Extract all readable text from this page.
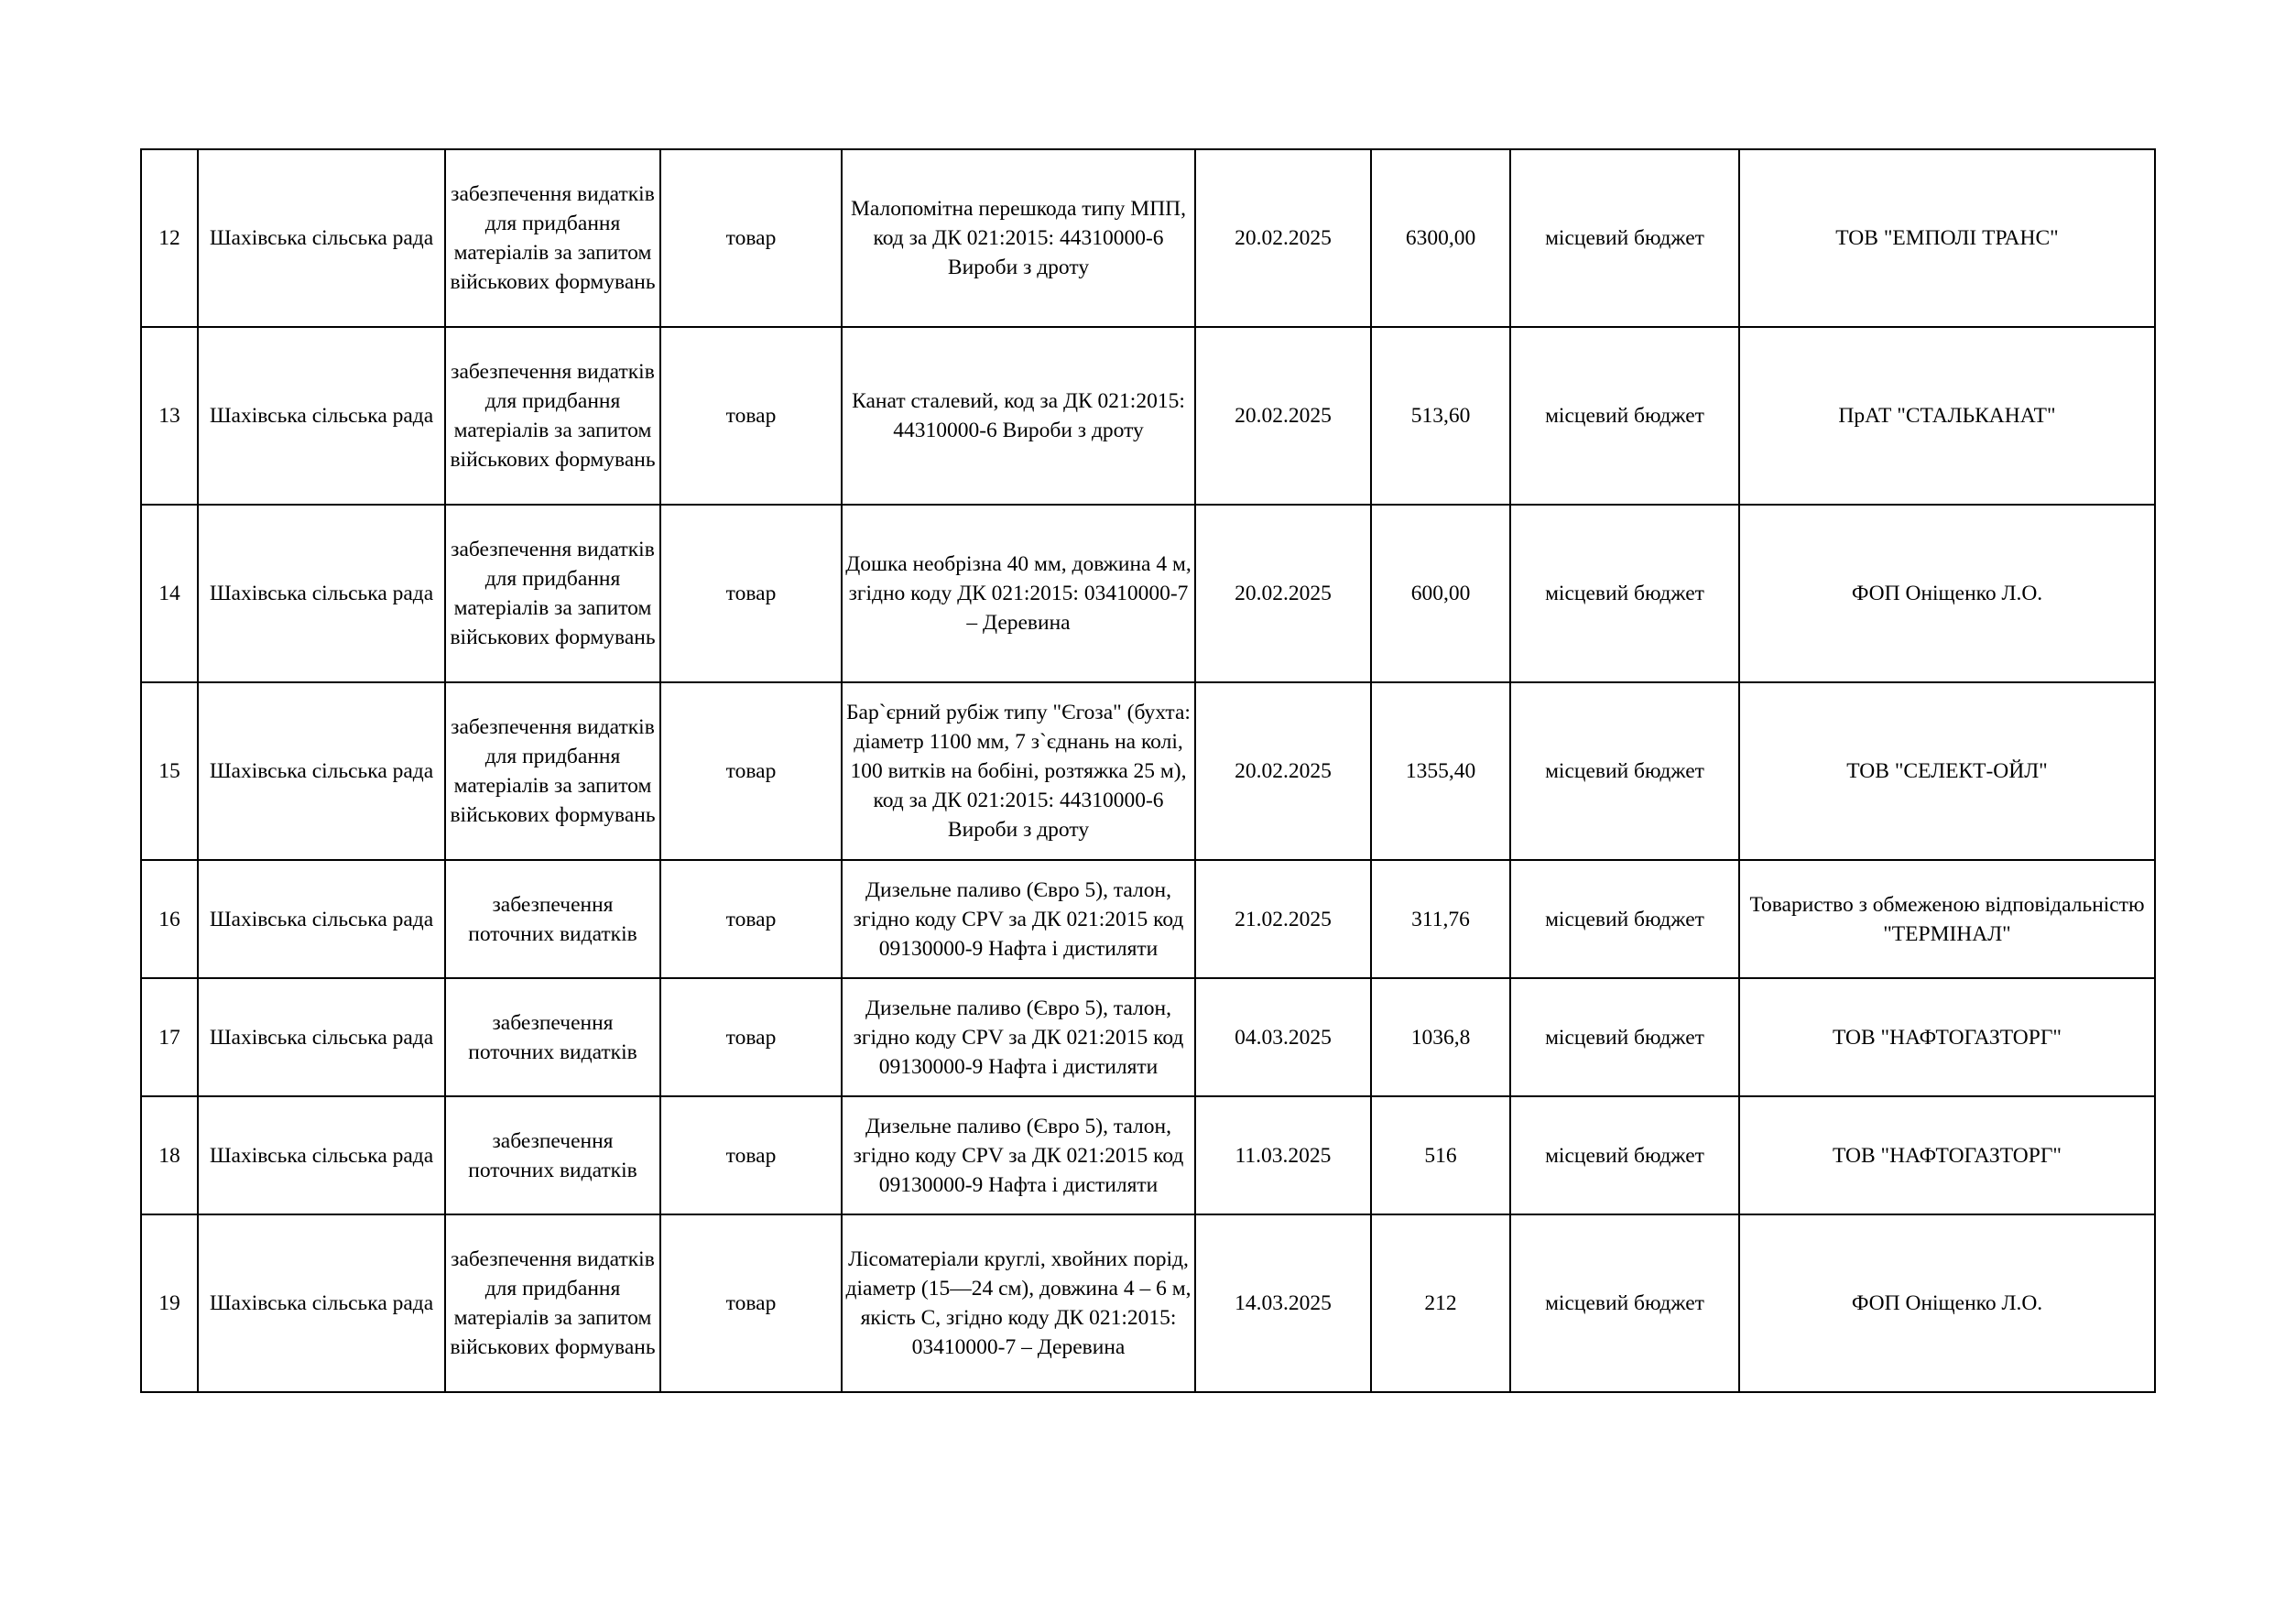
12	Шахівська сільська рада	забезпечення видатків для придбання матеріалів за запитом військових формувань	товар	Малопомітна перешкода типу МПП, код за ДК 021:2015: 44310000-6 Вироби з дроту	20.02.2025	6300,00	місцевий бюджет	ТОВ "ЕМПОЛІ ТРАНС"
13	Шахівська сільська рада	забезпечення видатків для придбання матеріалів за запитом військових формувань	товар	Канат сталевий, код за ДК 021:2015: 44310000-6 Вироби з дроту	20.02.2025	513,60	місцевий бюджет	ПрАТ "СТАЛЬКАНАТ"
14	Шахівська сільська рада	забезпечення видатків для придбання матеріалів за запитом військових формувань	товар	Дошка необрізна 40 мм, довжина 4 м, згідно коду ДК 021:2015: 03410000-7 – Деревина	20.02.2025	600,00	місцевий бюджет	ФОП Оніщенко Л.О.
15	Шахівська сільська рада	забезпечення видатків для придбання матеріалів за запитом військових формувань	товар	Бар`єрний рубіж типу "Єгоза" (бухта: діаметр 1100 мм, 7 з`єднань на колі, 100 витків на бобіні, розтяжка 25 м), код за ДК 021:2015: 44310000-6 Вироби з дроту	20.02.2025	1355,40	місцевий бюджет	ТОВ "СЕЛЕКТ-ОЙЛ"
16	Шахівська сільська рада	забезпечення поточних видатків	товар	Дизельне паливо (Євро 5), талон, згідно коду CPV за ДК 021:2015 код 09130000-9 Нафта і дистиляти	21.02.2025	311,76	місцевий бюджет	Товариство з обмеженою відповідальністю "ТЕРМІНАЛ"
17	Шахівська сільська рада	забезпечення поточних видатків	товар	Дизельне паливо (Євро 5), талон, згідно коду CPV за ДК 021:2015 код 09130000-9 Нафта і дистиляти	04.03.2025	1036,8	місцевий бюджет	ТОВ "НАФТОГАЗТОРГ"
18	Шахівська сільська рада	забезпечення поточних видатків	товар	Дизельне паливо (Євро 5), талон, згідно коду CPV за ДК 021:2015 код 09130000-9 Нафта і дистиляти	11.03.2025	516	місцевий бюджет	ТОВ "НАФТОГАЗТОРГ"
19	Шахівська сільська рада	забезпечення видатків для придбання матеріалів за запитом військових формувань	товар	Лісоматеріали круглі, хвойних порід, діаметр (15—24 см), довжина 4 – 6 м, якість С, згідно коду ДК 021:2015: 03410000-7 – Деревина	14.03.2025	212	місцевий бюджет	ФОП Оніщенко Л.О.
